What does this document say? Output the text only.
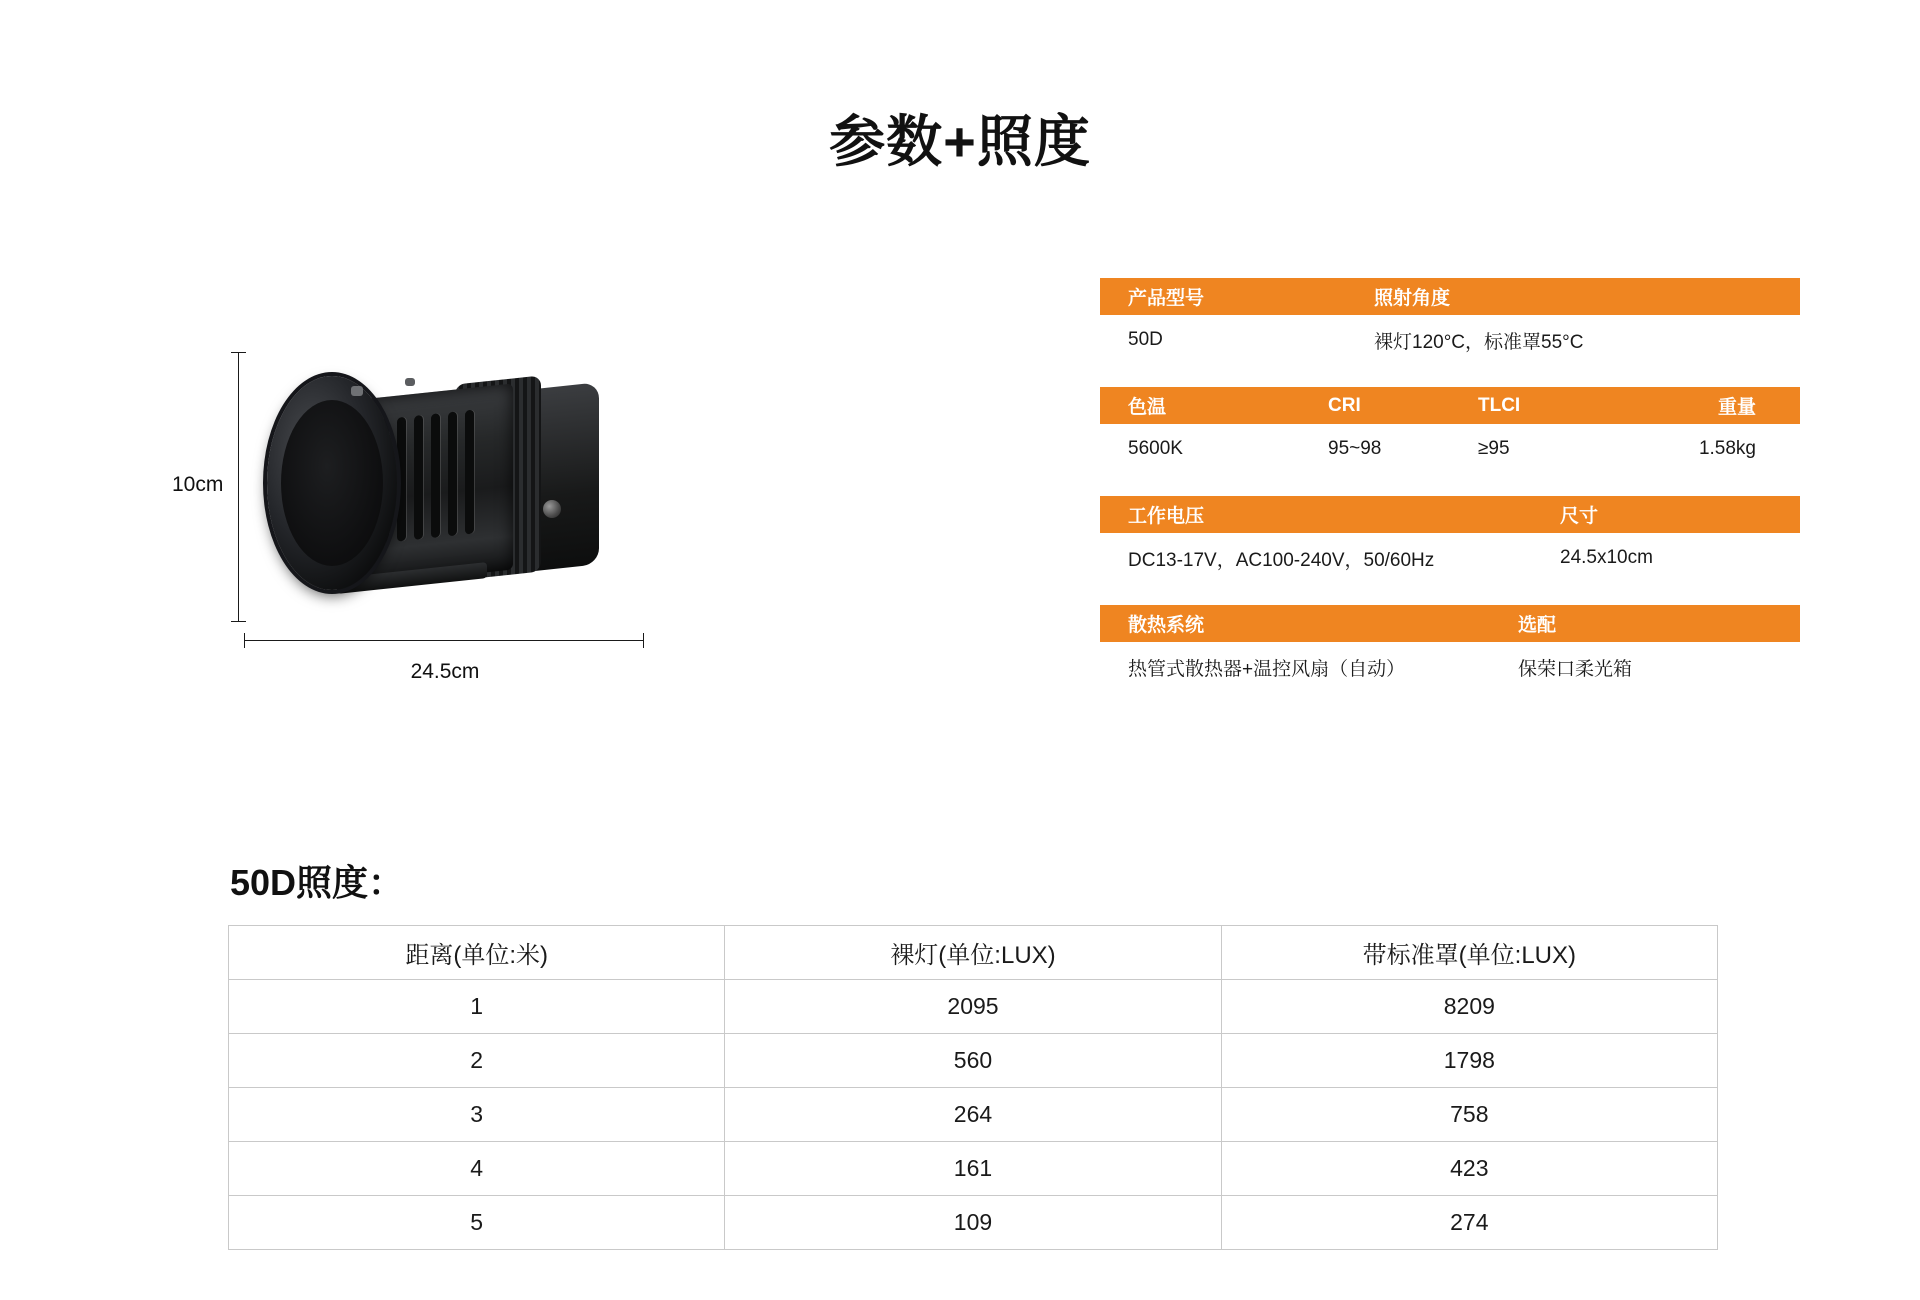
参数+照度
10cm
24.5cm
产品型号	照射角度
50D	裸灯120°C，标准罩55°C
色温	CRI	TLCI	重量
5600K	95~98	≥95	1.58kg
工作电压	尺寸
DC13-17V，AC100-240V，50/60Hz	24.5x10cm
散热系统	选配
热管式散热器+温控风扇（自动）	保荣口柔光箱
50D照度：
距离(单位:米)	裸灯(单位:LUX)	带标准罩(单位:LUX)
1	2095	8209
2	560	1798
3	264	758
4	161	423
5	109	274
